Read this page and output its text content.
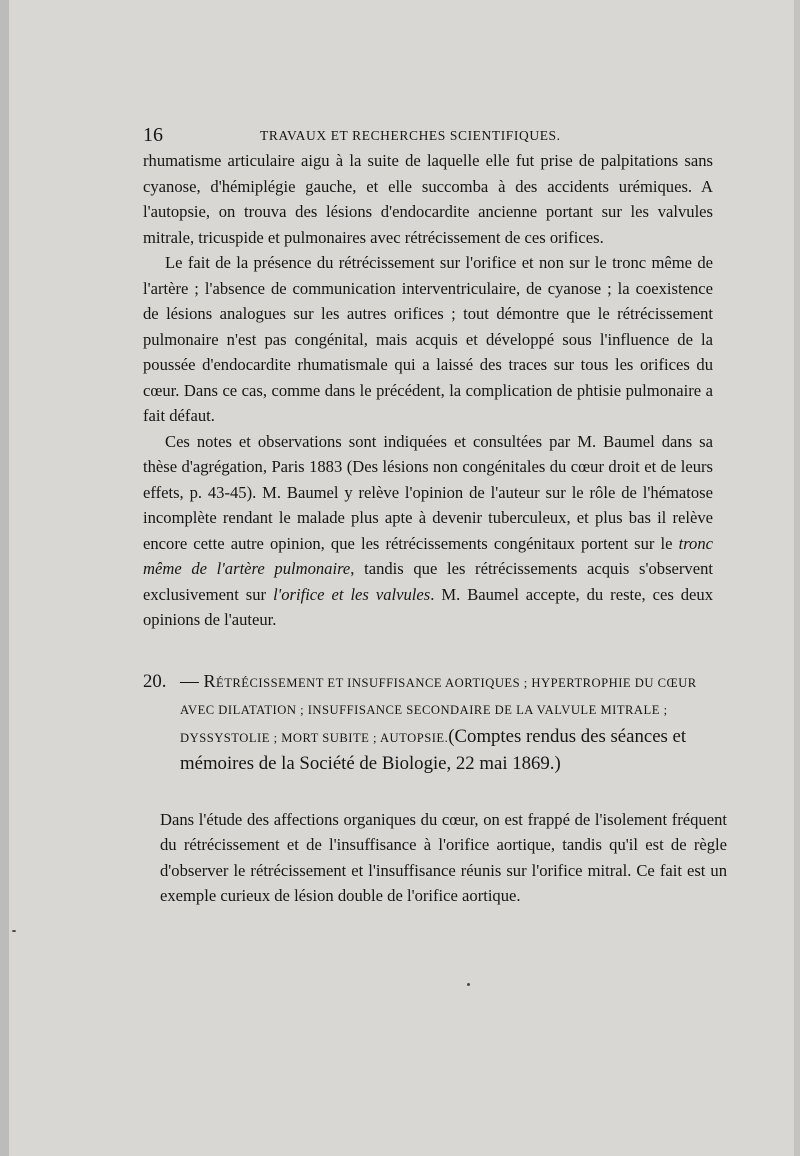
16	TRAVAUX ET RECHERCHES SCIENTIFIQUES.

rhumatisme articulaire aigu à la suite de laquelle elle fut prise de palpitations sans cyanose, d'hémiplégie gauche, et elle succomba à des accidents urémiques. A l'autopsie, on trouva des lésions d'endocardite ancienne portant sur les valvules mitrale, tricuspide et pulmonaires avec rétrécissement de ces orifices.

Le fait de la présence du rétrécissement sur l'orifice et non sur le tronc même de l'artère ; l'absence de communication interventriculaire, de cyanose ; la coexistence de lésions analogues sur les autres orifices ; tout démontre que le rétrécissement pulmonaire n'est pas congénital, mais acquis et développé sous l'influence de la poussée d'endocardite rhumatismale qui a laissé des traces sur tous les orifices du cœur. Dans ce cas, comme dans le précédent, la complication de phtisie pulmonaire a fait défaut.

Ces notes et observations sont indiquées et consultées par M. Baumel dans sa thèse d'agrégation, Paris 1883 (Des lésions non congénitales du cœur droit et de leurs effets, p. 43-45). M. Baumel y relève l'opinion de l'auteur sur le rôle de l'hématose incomplète rendant le malade plus apte à devenir tuberculeux, et plus bas il relève encore cette autre opinion, que les rétrécissements congénitaux portent sur le tronc même de l'artère pulmonaire, tandis que les rétrécissements acquis s'observent exclusivement sur l'orifice et les valvules. M. Baumel accepte, du reste, ces deux opinions de l'auteur.

20. — RÉTRÉCISSEMENT ET INSUFFISANCE AORTIQUES ; HYPERTROPHIE DU CŒUR AVEC DILATATION ; INSUFFISANCE SECONDAIRE DE LA VALVULE MITRALE ; DYSSYSTOLIE ; MORT SUBITE ; AUTOPSIE.(Comptes rendus des séances et mémoires de la Société de Biologie, 22 mai 1869.)

Dans l'étude des affections organiques du cœur, on est frappé de l'isolement fréquent du rétrécissement et de l'insuffisance à l'orifice aortique, tandis qu'il est de règle d'observer le rétrécissement et l'insuffisance réunis sur l'orifice mitral. Ce fait est un exemple curieux de lésion double de l'orifice aortique.
